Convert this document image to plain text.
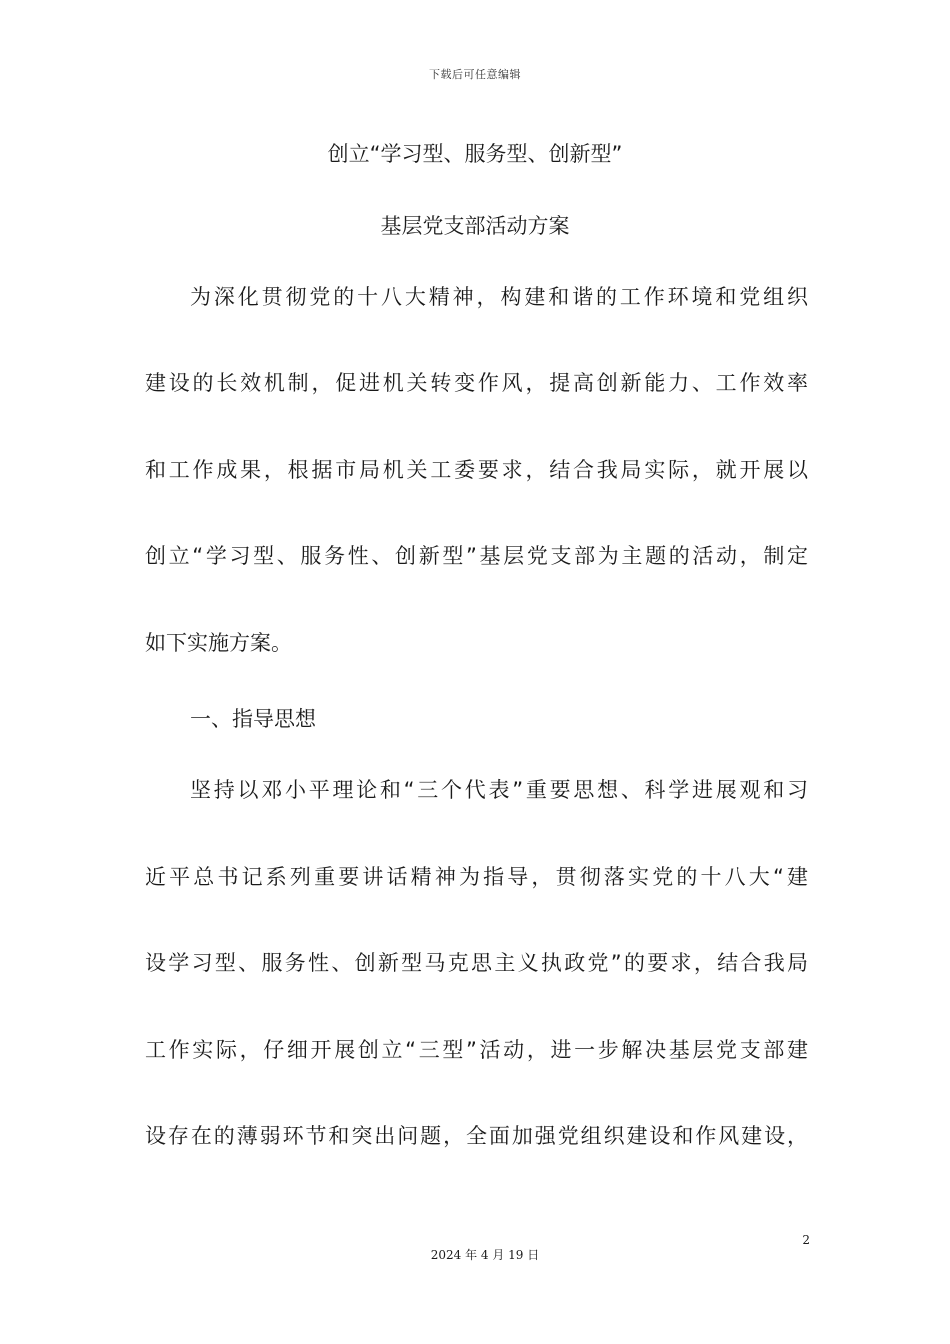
下载后可任意编辑
创立“学习型、服务型、创新型”
基层党支部活动方案
为深化贯彻党的十八大精神，构建和谐的工作环境和党组织
建设的长效机制，促进机关转变作风，提高创新能力、工作效率
和工作成果，根据市局机关工委要求，结合我局实际，就开展以
创立“学习型、服务性、创新型”基层党支部为主题的活动，制定
如下实施方案。
一、指导思想
坚持以邓小平理论和“三个代表”重要思想、科学进展观和习
近平总书记系列重要讲话精神为指导，贯彻落实党的十八大“建
设学习型、服务性、创新型马克思主义执政党”的要求，结合我局
工作实际，仔细开展创立“三型”活动，进一步解决基层党支部建
设存在的薄弱环节和突出问题，全面加强党组织建设和作风建设，
2
2024 年 4 月 19 日
